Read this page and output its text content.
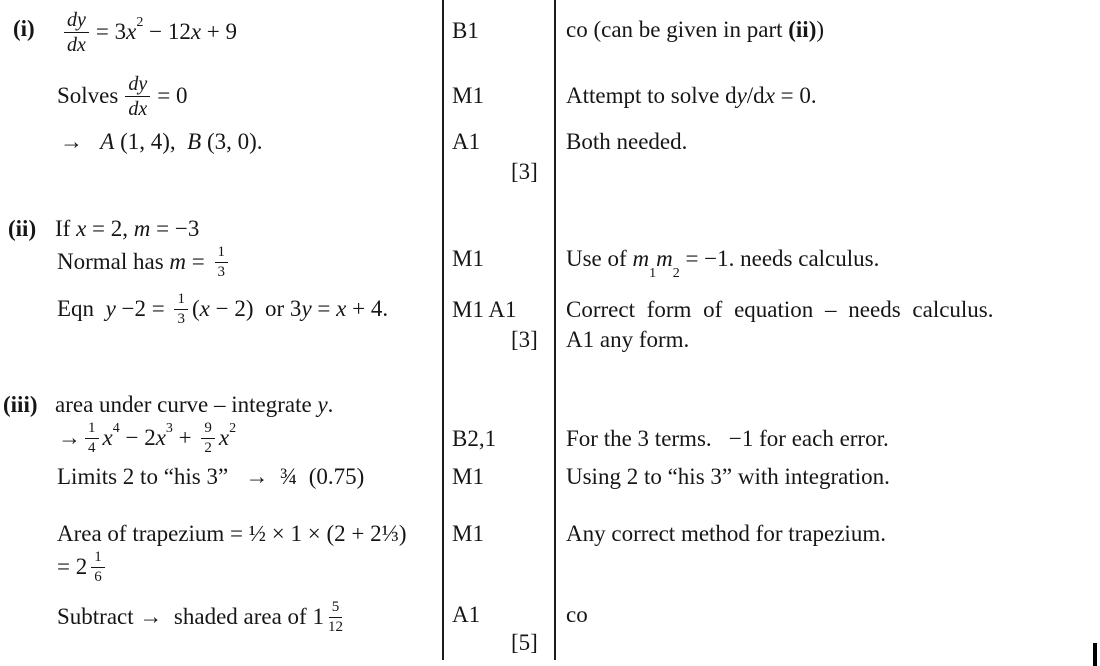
$(i) \frac{dy}{dx} = 3$ $x^2 - 12$ x + 9
Solves $\frac{dy}{dx} = 0$
→ A (1, 4),  B (3, 0).
B1
M1
A1
[3]
co (can be given in part (ii))
Attempt to solve dy/dx = 0.
Both needed.
(ii) If x = 2, m = −3
Normal has $m = \frac{1}{3}$
Eqn $y -2 = \frac{1}{3}$ ( x − 2) or 3 y = x + 4.
M1
M1 A1
[3]
Use of $m_1m_2 = -1$. needs calculus.
Correct form of equation – needs calculus.
A1 any form.
(iii) area under curve – integrate y.
→ $\frac{1}{4} x^4 - 2$ $x^3 + \frac{9}{2} x^2$
Limits 2 to “his 3”   →  ¾  (0.75)
Area of trapezium = ½ × 1 × (2 + 2⅓)
= $2 \frac{1}{6}$
Subtract → shaded area of $1 \frac{5}{12}$
B2,1
M1
M1
A1
[5]
For the 3 terms.   −1 for each error.
Using 2 to “his 3” with integration.
Any correct method for trapezium.
co
